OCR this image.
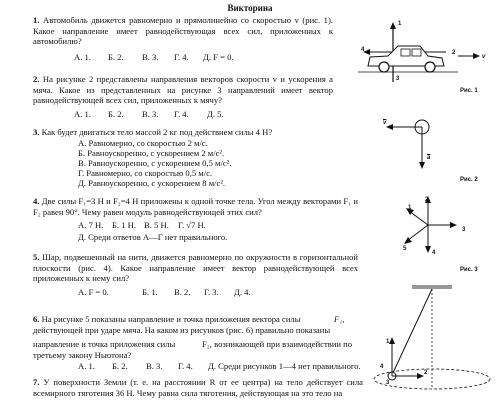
Викторина

1. Автомобиль движется равномерно и прямолинейно со скоростью v (рис. 1). Какое направление имеет равнодействующая всех сил, приложенных к автомобилю?

А. 1. Б. 2. В. 3. Г. 4. Д. F = 0.
1
2
3
4
v
Рис. 1

2. На рисунке 2 представлены направления векторов скорости v и ускорения a мяча. Какое из представленных на рисунке 3 направлений имеет вектор равнодействующей всех сил, приложенных к мячу?

А. 1. Б. 2. В. 3. Г. 4. Д. 5.
$\overline{v}$
$\overline{a}$
Рис. 2

3. Как будет двигаться тело массой 2 кг под действием силы 4 Н?

А. Равномерно, со скоростью 2 м/с.
Б. Равноускоренно, с ускорением 2 м/с².
В. Равноускоренно, с ускорением 0,5 м/с².
Г. Равномерно, со скоростью 0,5 м/с.
Д. Равноускоренно, с ускорением 8 м/с².

4. Две силы F₁=3 Н и F₂=4 Н приложены к одной точке тела. Угол между векторами F₁ и F₂ равен 90°. Чему равен модуль равнодействующей этих сил?

А. 7 Н. Б. 1 Н. В. 5 Н. Г. √7 Н.
Д. Среди ответов А—Г нет правильного.
1
2
3
4
5
Рис. 3

5. Шар, подвешенный на нити, движется равномерно по окружности в горизонтальной плоскости (рис. 4). Какое направление имеет вектор равнодействующей всех приложенных к нему сил?

А. F = 0.	Б. 1. В. 2. Г. 3. Д. 4.
1
2
3
4
6. На рисунке 5 показаны направление и точка приложения вектора силы	F₁,
действующей при ударе мяча. На каком из рисунков (рис. 6) правильно показаны
направление и точка приложения силы	F₂, возникающей при взаимодействии по
третьему закону Ньютона?
А. 1. Б. 2. В. 3. Г. 4. Д. Среди рисунков 1—4 нет правильного.

7. У поверхности Земли (т. е. на расстоянии R от ее центра) на тело действует сила всемирного тяготения 36 Н. Чему равна сила тяготения, действующая на это тело на
